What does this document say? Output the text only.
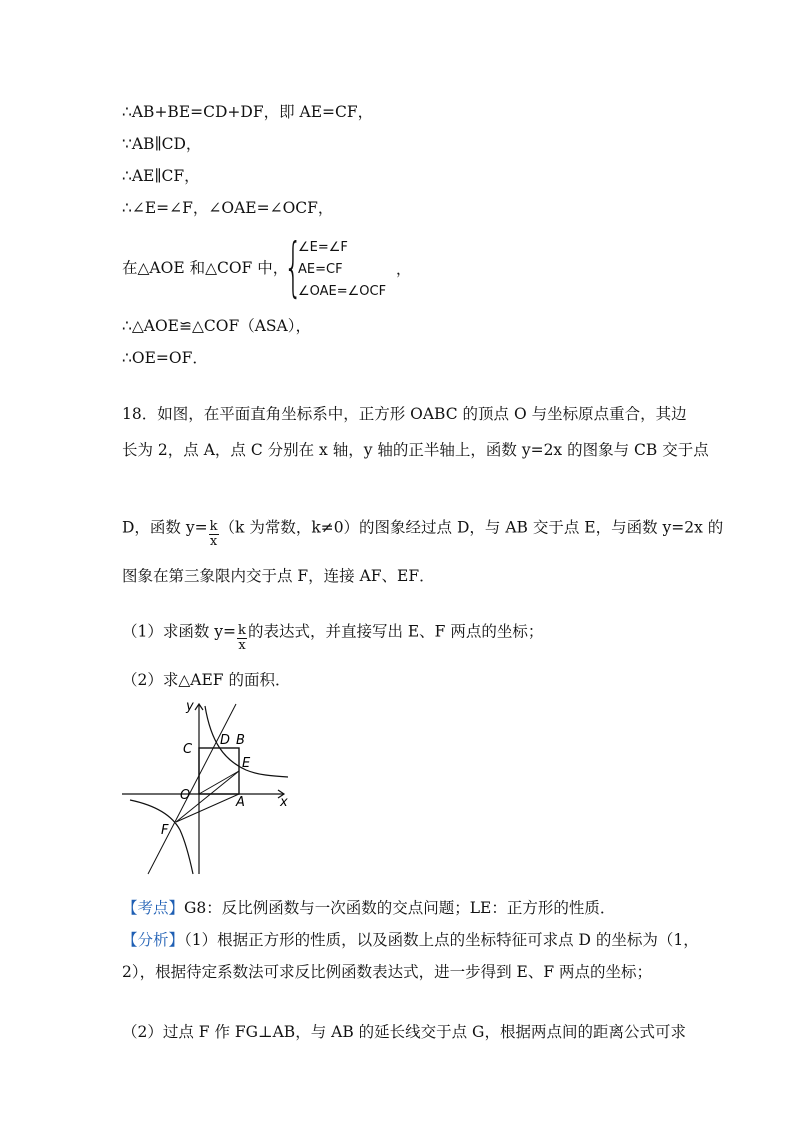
∴AB+BE=CD+DF，即 AE=CF，
∵AB∥CD，
∴AE∥CF，
∴∠E=∠F，∠OAE=∠OCF，
在△AOE 和△COF 中，
{
∠E=∠F
AE=CF
∠OAE=∠OCF
，
∴△AOE≌△COF（ASA），
∴OE=OF．
18．如图，在平面直角坐标系中，正方形 OABC 的顶点 O 与坐标原点重合，其边
长为 2，点 A，点 C 分别在 x 轴，y 轴的正半轴上，函数 y=2x 的图象与 CB 交于点
D，函数 $y= \frac{k}{x} (k$ 为常数，k≠0）的图象经过点 D，与 AB 交于点 E，与函数 y=2x 的
图象在第三象限内交于点 F，连接 AF、EF．
（1）求函数 $y= \frac{k}{x}$ 的表达式，并直接写出 E、F 两点的坐标；
（2）求△AEF 的面积．
y
x
C
D B
E
O	A
F
【考点】G8：反比例函数与一次函数的交点问题；LE：正方形的性质．
【分析】（1）根据正方形的性质，以及函数上点的坐标特征可求点 D 的坐标为（1，
2），根据待定系数法可求反比例函数表达式，进一步得到 E、F 两点的坐标；
（2）过点 F 作 FG⊥AB，与 AB 的延长线交于点 G，根据两点间的距离公式可求
